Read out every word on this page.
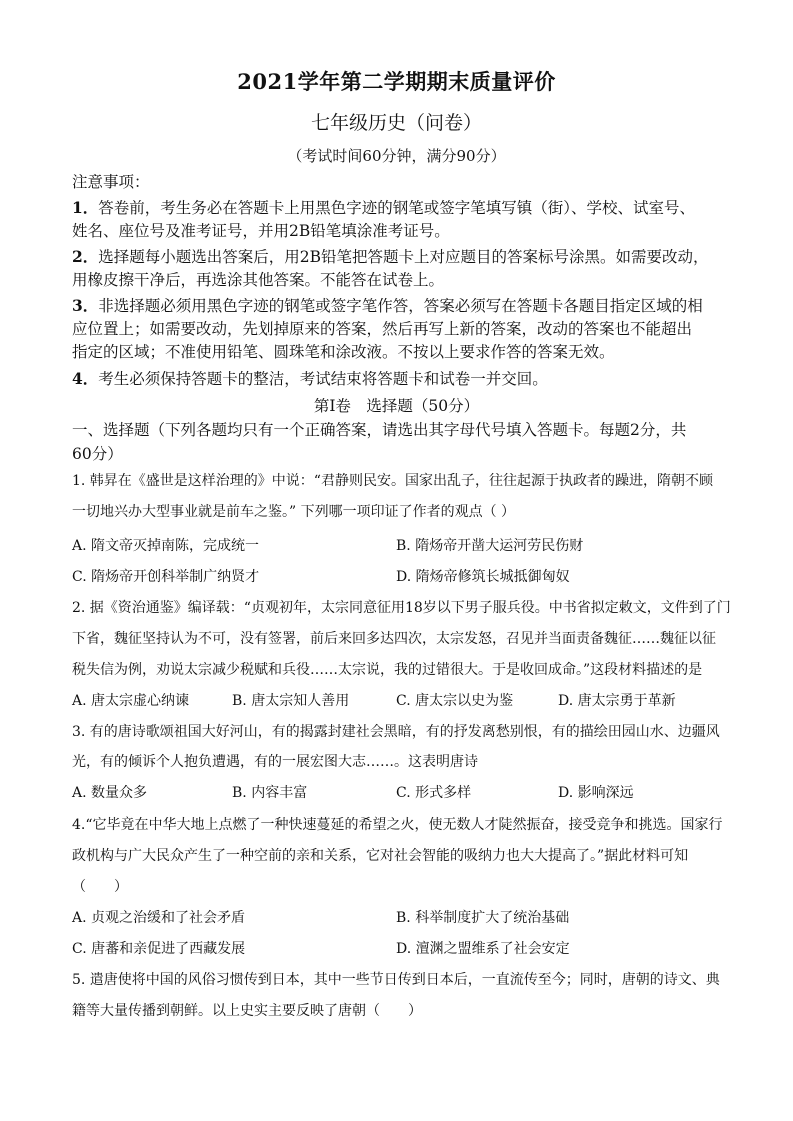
2021学年第二学期期末质量评价
七年级历史（问卷）
（考试时间60分钟，满分90分）
注意事项：
1．答卷前，考生务必在答题卡上用黑色字迹的钢笔或签字笔填写镇（街）、学校、试室号、
姓名、座位号及准考证号，并用2B铅笔填涂准考证号。
2．选择题每小题选出答案后，用2B铅笔把答题卡上对应题目的答案标号涂黑。如需要改动，
用橡皮擦干净后，再选涂其他答案。不能答在试卷上。
3．非选择题必须用黑色字迹的钢笔或签字笔作答，答案必须写在答题卡各题目指定区域的相
应位置上；如需要改动，先划掉原来的答案，然后再写上新的答案，改动的答案也不能超出
指定的区域；不准使用铅笔、圆珠笔和涂改液。不按以上要求作答的答案无效。
4．考生必须保持答题卡的整洁，考试结束将答题卡和试卷一并交回。
第Ⅰ卷　选择题（50分）
一、选择题（下列各题均只有一个正确答案，请选出其字母代号填入答题卡。每题2分，共
60分）
1. 韩昇在《盛世是这样治理的》中说：“君静则民安。国家出乱子，往往起源于执政者的躁进，隋朝不顾
一切地兴办大型事业就是前车之鉴。” 下列哪一项印证了作者的观点（ ）
A. 隋文帝灭掉南陈，完成统一	B. 隋炀帝开凿大运河劳民伤财
C. 隋炀帝开创科举制广纳贤才	D. 隋炀帝修筑长城抵御匈奴
2. 据《资治通鉴》编译载：“贞观初年，太宗同意征用18岁以下男子服兵役。中书省拟定敕文，文件到了门
下省，魏征坚持认为不可，没有签署，前后来回多达四次，太宗发怒，召见并当面责备魏征……魏征以征
税失信为例，劝说太宗减少税赋和兵役……太宗说，我的过错很大。于是收回成命。”这段材料描述的是
A. 唐太宗虚心纳谏	B. 唐太宗知人善用	C. 唐太宗以史为鉴	D. 唐太宗勇于革新
3. 有的唐诗歌颂祖国大好河山，有的揭露封建社会黑暗，有的抒发离愁别恨，有的描绘田园山水、边疆风
光，有的倾诉个人抱负遭遇，有的一展宏图大志……。这表明唐诗
A. 数量众多	B. 内容丰富	C. 形式多样	D. 影响深远
4.“它毕竟在中华大地上点燃了一种快速蔓延的希望之火，使无数人才陡然振奋，接受竞争和挑选。国家行
政机构与广大民众产生了一种空前的亲和关系，它对社会智能的吸纳力也大大提高了。”据此材料可知
（　　）
A. 贞观之治缓和了社会矛盾	B. 科举制度扩大了统治基础
C. 唐蕃和亲促进了西藏发展	D. 澶渊之盟维系了社会安定
5. 遣唐使将中国的风俗习惯传到日本，其中一些节日传到日本后，一直流传至今；同时，唐朝的诗文、典
籍等大量传播到朝鲜。以上史实主要反映了唐朝（　　）
